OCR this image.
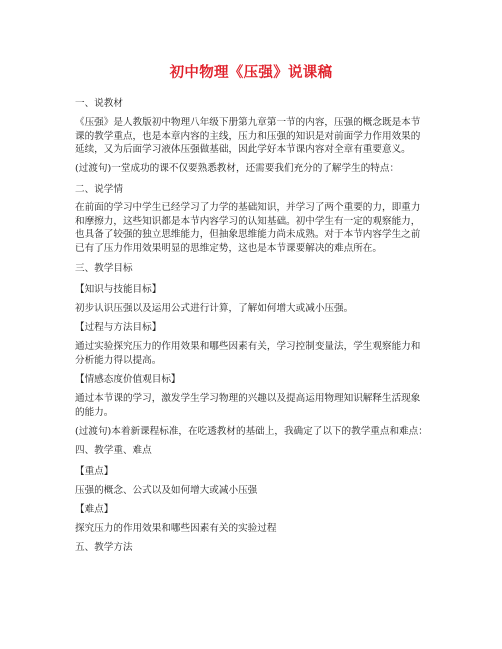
初中物理《压强》说课稿
一、说教材
《压强》是人教版初中物理八年级下册第九章第一节的内容，压强的概念既是本节
课的教学重点，也是本章内容的主线，压力和压强的知识是对前面学力作用效果的
延续，又为后面学习液体压强做基础，因此学好本节课内容对全章有重要意义。
(过渡句)一堂成功的课不仅要熟悉教材，还需要我们充分的了解学生的特点：
二、说学情
在前面的学习中学生已经学习了力学的基础知识，并学习了两个重要的力，即重力
和摩擦力，这些知识都是本节内容学习的认知基础。初中学生有一定的观察能力，
也具备了较强的独立思维能力，但抽象思维能力尚未成熟。对于本节内容学生之前
已有了压力作用效果明显的思维定势，这也是本节课要解决的难点所在。
三、教学目标
【知识与技能目标】
初步认识压强以及运用公式进行计算，了解如何增大或减小压强。
【过程与方法目标】
通过实验探究压力的作用效果和哪些因素有关，学习控制变量法，学生观察能力和
分析能力得以提高。
【情感态度价值观目标】
通过本节课的学习，激发学生学习物理的兴趣以及提高运用物理知识解释生活现象
的能力。
(过渡句)本着新课程标准，在吃透教材的基础上，我确定了以下的教学重点和难点：
四、教学重、难点
【重点】
压强的概念、公式以及如何增大或减小压强
【难点】
探究压力的作用效果和哪些因素有关的实验过程
五、教学方法
